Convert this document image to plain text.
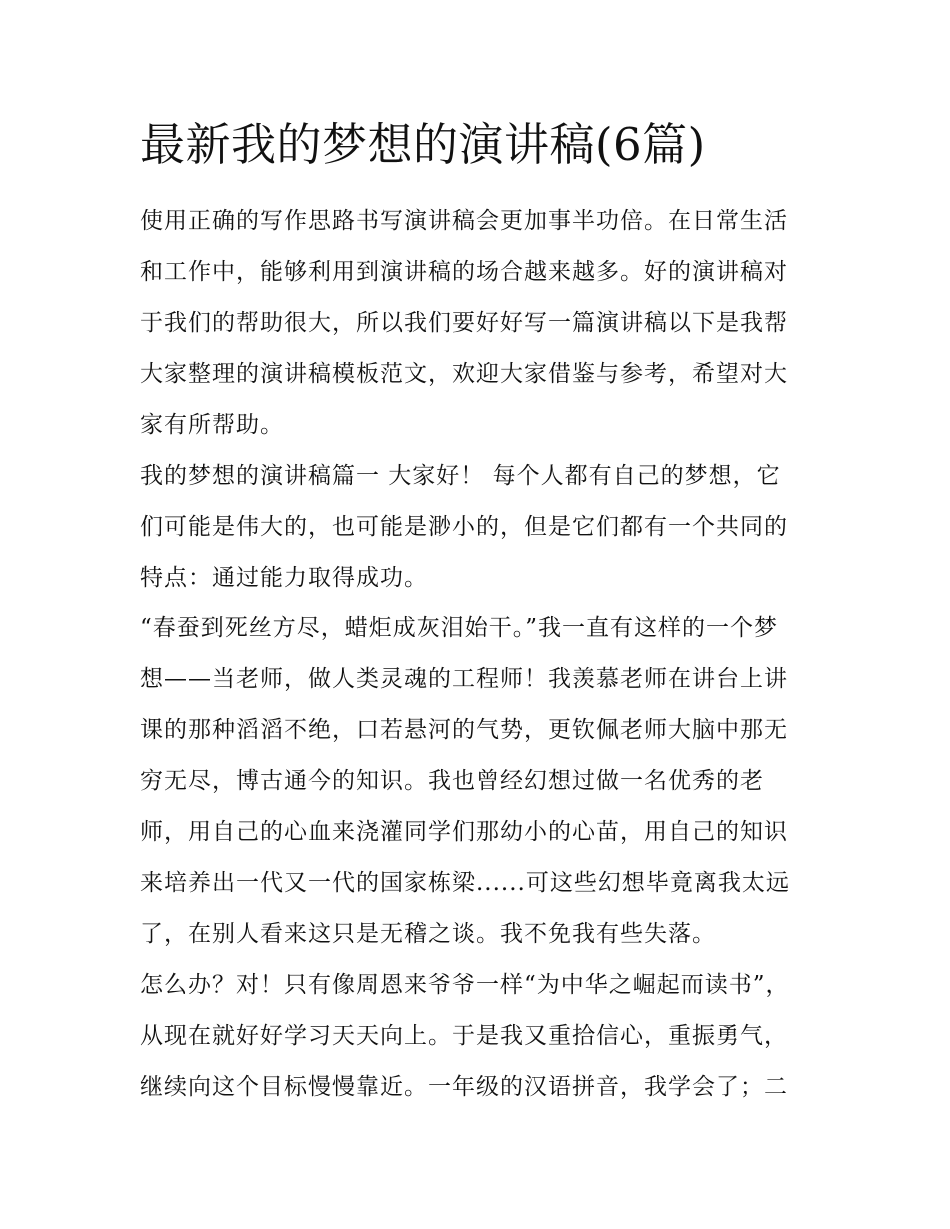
最新我的梦想的演讲稿(6篇)

使用正确的写作思路书写演讲稿会更加事半功倍。在日常生活

和工作中，能够利用到演讲稿的场合越来越多。好的演讲稿对

于我们的帮助很大，所以我们要好好写一篇演讲稿以下是我帮

大家整理的演讲稿模板范文，欢迎大家借鉴与参考，希望对大

家有所帮助。

我的梦想的演讲稿篇一 大家好！ 每个人都有自己的梦想，它

们可能是伟大的，也可能是渺小的，但是它们都有一个共同的

特点：通过能力取得成功。

“春蚕到死丝方尽，蜡炬成灰泪始干。”我一直有这样的一个梦

想——当老师，做人类灵魂的工程师！我羡慕老师在讲台上讲

课的那种滔滔不绝，口若悬河的气势，更钦佩老师大脑中那无

穷无尽，博古通今的知识。我也曾经幻想过做一名优秀的老

师，用自己的心血来浇灌同学们那幼小的心苗，用自己的知识

来培养出一代又一代的国家栋梁......可这些幻想毕竟离我太远

了，在别人看来这只是无稽之谈。我不免我有些失落。

怎么办？对！只有像周恩来爷爷一样“为中华之崛起而读书”，

从现在就好好学习天天向上。于是我又重拾信心，重振勇气，

继续向这个目标慢慢靠近。一年级的汉语拼音，我学会了；二
